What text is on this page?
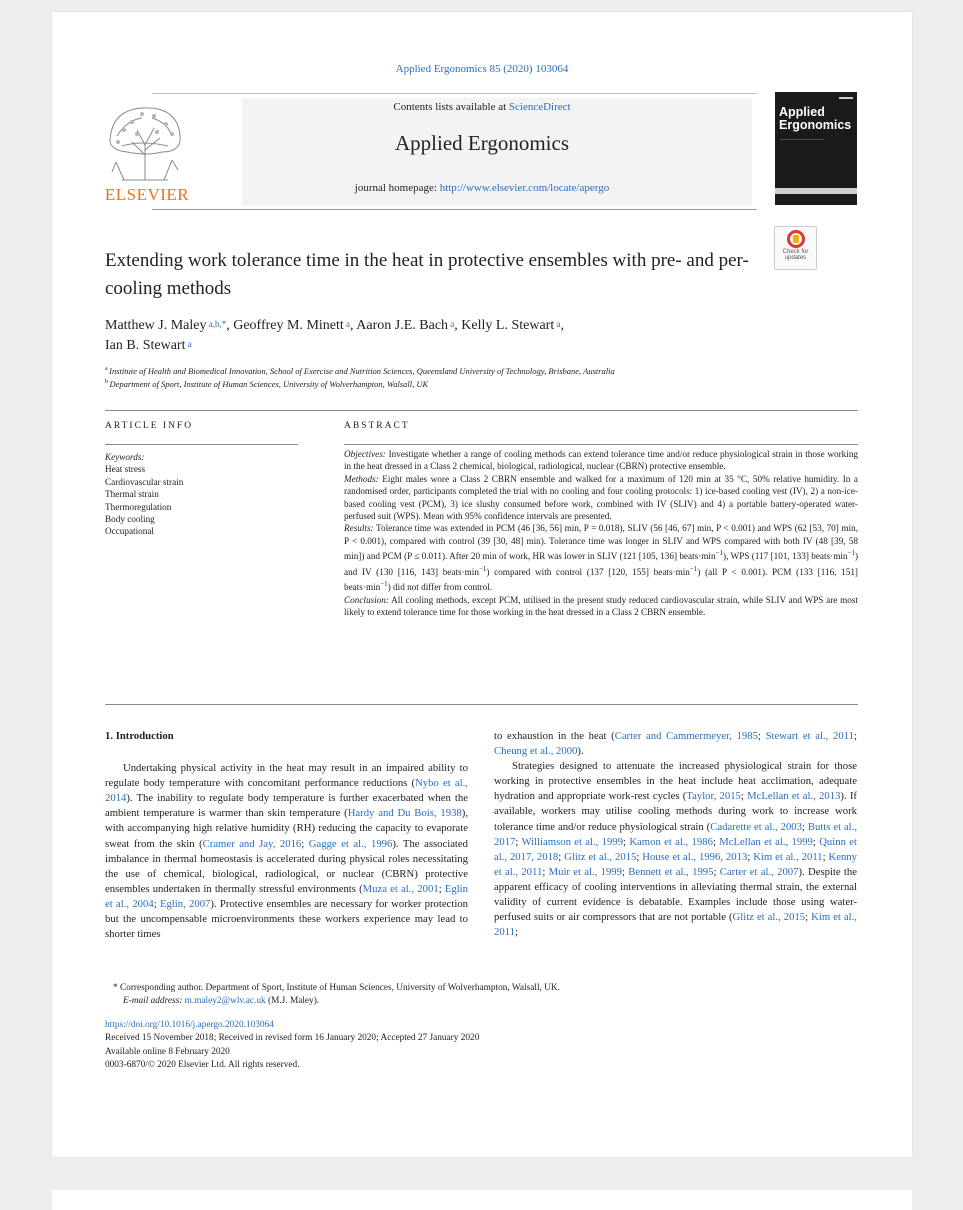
Applied Ergonomics 85 (2020) 103064
ELSEVIER
Contents lists available at ScienceDirect
Applied Ergonomics
journal homepage: http://www.elsevier.com/locate/apergo
Applied
Ergonomics
———————————
Check for updates
Extending work tolerance time in the heat in protective ensembles with pre- and per-cooling methods
Matthew J. Maley $^{a,b,*}$, Geoffrey M. Minett $^a$, Aaron J.E. Bach $^a$, Kelly L. Stewart $^a$,
Ian B. Stewart $^a$
$^a$ Institute of Health and Biomedical Innovation, School of Exercise and Nutrition Sciences, Queensland University of Technology, Brisbane, Australia
$^b$ Department of Sport, Institute of Human Sciences, University of Wolverhampton, Walsall, UK
ARTICLE INFO	ABSTRACT
Keywords:
Heat stress
Cardiovascular strain
Thermal strain
Thermoregulation
Body cooling
Occupational

Objectives: Investigate whether a range of cooling methods can extend tolerance time and/or reduce physiological strain in those working in the heat dressed in a Class 2 chemical, biological, radiological, nuclear (CBRN) protective ensemble.

Methods: Eight males wore a Class 2 CBRN ensemble and walked for a maximum of 120 min at 35 °C, 50% relative humidity. In a randomised order, participants completed the trial with no cooling and four cooling protocols: 1) ice-based cooling vest (IV), 2) a non-ice-based cooling vest (PCM), 3) ice slushy consumed before work, combined with IV (SLIV) and 4) a portable battery-operated water-perfused suit (WPS). Mean with 95% confidence intervals are presented.

Results: Tolerance time was extended in PCM (46 [36, 56] min, P = 0.018), SLIV (56 [46, 67] min, P < 0.001) and WPS (62 [53, 70] min, P < 0.001), compared with control (39 [30, 48] min). Tolerance time was longer in SLIV and WPS compared with both IV (48 [39, 58 min]) and PCM (P ≤ 0.011). After 20 min of work, HR was lower in SLIV (121 [105, 136] $beats\cdot\min^{-1}$), WPS (117 [101, 133] $beats\cdot\min^{-1}$) and IV (130 [116, 143] $beats\cdot\min^{-1}$) compared with control (137 [120, 155] $beats\cdot\min^{-1}$) (all P < 0.001). PCM (133 [116, 151] $beats\cdot\min^{-1}$) did not differ from control.

Conclusion: All cooling methods, except PCM, utilised in the present study reduced cardiovascular strain, while SLIV and WPS are most likely to extend tolerance time for those working in the heat dressed in a Class 2 CBRN ensemble.

1. Introduction

Undertaking physical activity in the heat may result in an impaired ability to regulate body temperature with concomitant performance reductions (Nybo et al., 2014). The inability to regulate body temperature is further exacerbated when the ambient temperature is warmer than skin temperature (Hardy and Du Bois, 1938), with accompanying high relative humidity (RH) reducing the capacity to evaporate sweat from the skin (Cramer and Jay, 2016; Gagge et al., 1996). The associated imbalance in thermal homeostasis is accelerated during physical roles necessitating the use of chemical, biological, radiological, or nuclear (CBRN) protective ensembles undertaken in thermally stressful environments (Muza et al., 2001; Eglin et al., 2004; Eglin, 2007). Protective ensembles are necessary for worker protection but the uncompensable microenvironments these workers experience may lead to shorter times

to exhaustion in the heat (Carter and Cammermeyer, 1985; Stewart et al., 2011; Cheung et al., 2000).

Strategies designed to attenuate the increased physiological strain for those working in protective ensembles in the heat include heat acclimation, adequate hydration and appropriate work-rest cycles (Taylor, 2015; McLellan et al., 2013). If available, workers may utilise cooling methods during work to increase work tolerance time and/or reduce physiological strain (Cadarette et al., 2003; Butts et al., 2017; Williamson et al., 1999; Kamon et al., 1986; McLellan et al., 1999; Quinn et al., 2017, 2018; Glitz et al., 2015; House et al., 1996, 2013; Kim et al., 2011; Kenny et al., 2011; Muir et al., 1999; Bennett et al., 1995; Carter et al., 2007). Despite the apparent efficacy of cooling interventions in alleviating thermal strain, the external validity of current evidence is debatable. Examples include those using water-perfused suits or air compressors that are not portable (Glitz et al., 2015; Kim et al., 2011;

* Corresponding author. Department of Sport, Institute of Human Sciences, University of Wolverhampton, Walsall, UK.
E-mail address: m.maley2@wlv.ac.uk (M.J. Maley).
https://doi.org/10.1016/j.apergo.2020.103064
Received 15 November 2018; Received in revised form 16 January 2020; Accepted 27 January 2020
Available online 8 February 2020
0003-6870/© 2020 Elsevier Ltd. All rights reserved.
